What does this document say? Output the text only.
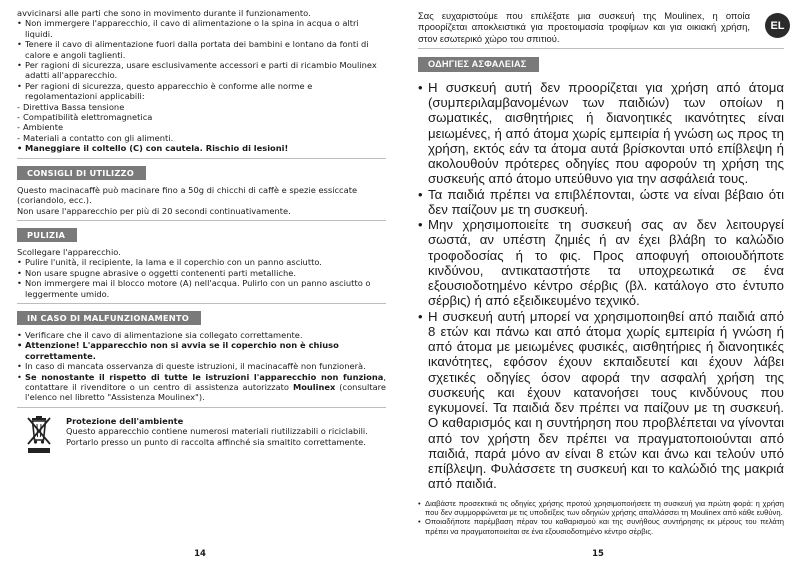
avvicinarsi alle parti che sono in movimento durante il funzionamento.

• Non immergere l'apparecchio, il cavo di alimentazione o la spina in acqua o altri liquidi.
• Tenere il cavo di alimentazione fuori dalla portata dei bambini e lontano da fonti di calore e angoli taglienti.
• Per ragioni di sicurezza, usare esclusivamente accessori e parti di ricambio Moulinex adatti all'apparecchio.
• Per ragioni di sicurezza, questo apparecchio è conforme alle norme e regolamentazioni applicabili:
- Direttiva Bassa tensione
- Compatibilità elettromagnetica
- Ambiente
- Materiali a contatto con gli alimenti.
• Maneggiare il coltello (C) con cautela. Rischio di lesioni!
CONSIGLI DI UTILIZZO

Questo macinacaffè può macinare fino a 50g di chicchi di caffè e spezie essiccate (coriandolo, ecc.).

Non usare l'apparecchio per più di 20 secondi continuativamente.

PULIZIA

Scollegare l'apparecchio.

• Pulire l'unità, il recipiente, la lama e il coperchio con un panno asciutto.
• Non usare spugne abrasive o oggetti contenenti parti metalliche.
• Non immergere mai il blocco motore (A) nell'acqua. Pulirlo con un panno asciutto o leggermente umido.
IN CASO DI MALFUNZIONAMENTO
• Verificare che il cavo di alimentazione sia collegato correttamente.
• Attenzione! L'apparecchio non si avvia se il coperchio non è chiuso correttamente.
• In caso di mancata osservanza di queste istruzioni, il macinacaffè non funzionerà.
• Se nonostante il rispetto di tutte le istruzioni l'apparecchio non funziona, contattare il rivenditore o un centro di assistenza autorizzato Moulinex (consultare l'elenco nel libretto "Assistenza Moulinex").

Protezione dell'ambiente

Questo apparecchio contiene numerosi materiali riutilizzabili o riciclabili. Portarlo presso un punto di raccolta affinché sia smaltito correttamente.

14
EL

Σας ευχαριστούμε που επιλέξατε μια συσκευή της Moulinex, η οποία προορίζεται αποκλειστικά για προετοιμασία τροφίμων και για οικιακή χρήση, στον εσωτερικό χώρο του σπιτιού.

ΟΔΗΓΙΕΣ ΑΣΦΑΛΕΙΑΣ
• Η συσκευή αυτή δεν προορίζεται για χρήση από άτομα (συμπεριλαμβανομένων των παιδιών) των οποίων η σωματικές, αισθητήριες ή διανοητικές ικανότητες είναι μειωμένες, ή από άτομα χωρίς εμπειρία ή γνώση ως προς τη χρήση, εκτός εάν τα άτομα αυτά βρίσκονται υπό επίβλεψη ή ακολουθούν πρότερες οδηγίες που αφορούν τη χρήση της συσκευής από άτομο υπεύθυνο για την ασφάλειά τους.
• Τα παιδιά πρέπει να επιβλέπονται, ώστε να είναι βέβαιο ότι δεν παίζουν με τη συσκευή.
• Μην χρησιμοποιείτε τη συσκευή σας αν δεν λειτουργεί σωστά, αν υπέστη ζημιές ή αν έχει βλάβη το καλώδιο τροφοδοσίας ή το φις. Προς αποφυγή οποιουδήποτε κινδύνου, αντικαταστήστε τα υποχρεωτικά σε ένα εξουσιοδοτημένο κέντρο σέρβις (βλ. κατάλογο στο έντυπο σέρβις) ή από εξειδικευμένο τεχνικό.
• Η συσκευή αυτή μπορεί να χρησιμοποιηθεί από παιδιά από 8 ετών και πάνω και από άτομα χωρίς εμπειρία ή γνώση ή από άτομα με μειωμένες φυσικές, αισθητήριες ή διανοητικές ικανότητες, εφόσον έχουν εκπαιδευτεί και έχουν λάβει σχετικές οδηγίες όσον αφορά την ασφαλή χρήση της συσκευής και έχουν κατανοήσει τους κινδύνους που εγκυμονεί. Τα παιδιά δεν πρέπει να παίζουν με τη συσκευή. Ο καθαρισμός και η συντήρηση που προβλέπεται να γίνονται από τον χρήστη δεν πρέπει να πραγματοποιούνται από παιδιά, παρά μόνο αν είναι 8 ετών και άνω και τελούν υπό επίβλεψη. Φυλάσσετε τη συσκευή και το καλώδιό της μακριά από παιδιά.
• Διαβάστε προσεκτικά τις οδηγίες χρήσης προτού χρησιμοποιήσετε τη συσκευή για πρώτη φορά: η χρήση που δεν συμμορφώνεται με τις υποδείξεις των οδηγιών χρήσης απαλλάσσει τη Moulinex από κάθε ευθύνη.
• Οποιαδήποτε παρέμβαση πέραν του καθαρισμού και της συνήθους συντήρησης εκ μέρους του πελάτη πρέπει να πραγματοποιείται σε ένα εξουσιοδοτημένο κέντρο σέρβις.
15
